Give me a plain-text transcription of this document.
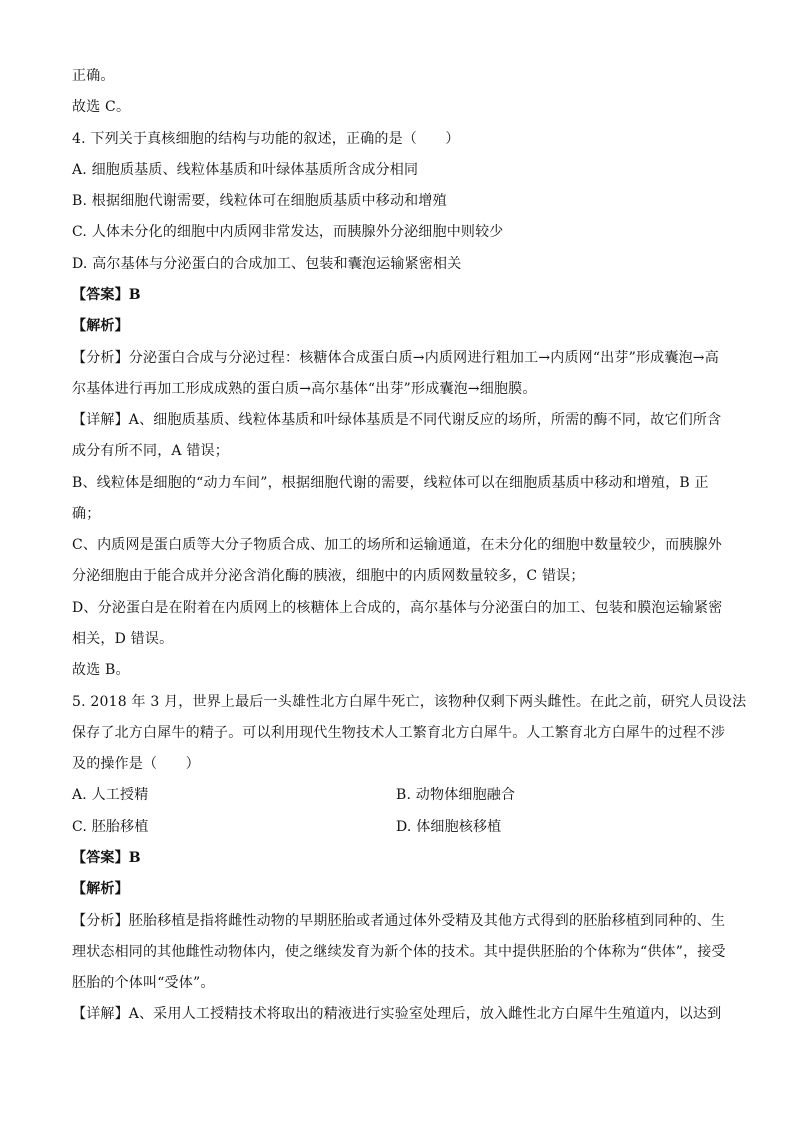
正确。
故选 C。
4. 下列关于真核细胞的结构与功能的叙述，正确的是（　　）
A. 细胞质基质、线粒体基质和叶绿体基质所含成分相同
B. 根据细胞代谢需要，线粒体可在细胞质基质中移动和增殖
C. 人体未分化的细胞中内质网非常发达，而胰腺外分泌细胞中则较少
D. 高尔基体与分泌蛋白的合成加工、包装和囊泡运输紧密相关
【答案】B
【解析】
【分析】分泌蛋白合成与分泌过程：核糖体合成蛋白质→内质网进行粗加工→内质网“出芽”形成囊泡→高
尔基体进行再加工形成成熟的蛋白质→高尔基体“出芽”形成囊泡→细胞膜。
【详解】A、细胞质基质、线粒体基质和叶绿体基质是不同代谢反应的场所，所需的酶不同，故它们所含
成分有所不同，A 错误；
B、线粒体是细胞的“动力车间”，根据细胞代谢的需要，线粒体可以在细胞质基质中移动和增殖，B 正
确；
C、内质网是蛋白质等大分子物质合成、加工的场所和运输通道，在未分化的细胞中数量较少，而胰腺外
分泌细胞由于能合成并分泌含消化酶的胰液，细胞中的内质网数量较多，C 错误；
D、分泌蛋白是在附着在内质网上的核糖体上合成的，高尔基体与分泌蛋白的加工、包装和膜泡运输紧密
相关，D 错误。
故选 B。
5. 2018 年 3 月，世界上最后一头雄性北方白犀牛死亡，该物种仅剩下两头雌性。在此之前，研究人员设法
保存了北方白犀牛的精子。可以利用现代生物技术人工繁育北方白犀牛。人工繁育北方白犀牛的过程不涉
及的操作是（　　）
A. 人工授精	B. 动物体细胞融合
C. 胚胎移植	D. 体细胞核移植
【答案】B
【解析】
【分析】胚胎移植是指将雌性动物的早期胚胎或者通过体外受精及其他方式得到的胚胎移植到同种的、生
理状态相同的其他雌性动物体内，使之继续发育为新个体的技术。其中提供胚胎的个体称为“供体”，接受
胚胎的个体叫“受体”。
【详解】A、采用人工授精技术将取出的精液进行实验室处理后，放入雌性北方白犀牛生殖道内，以达到
